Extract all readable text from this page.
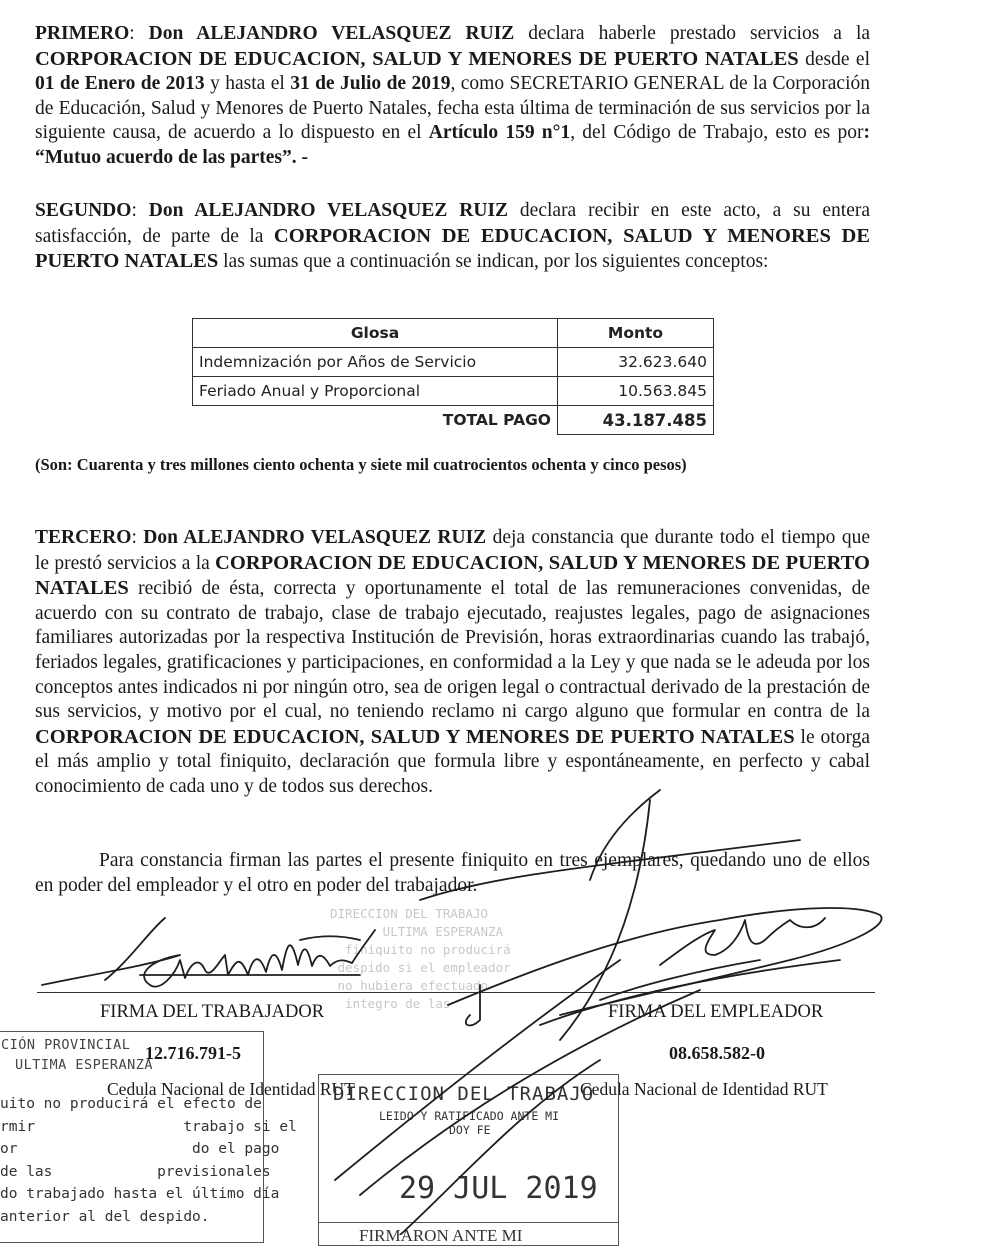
PRIMERO: Don ALEJANDRO VELASQUEZ RUIZ declara haberle prestado servicios a la CORPORACION DE EDUCACION, SALUD Y MENORES DE PUERTO NATALES desde el 01 de Enero de 2013 y hasta el 31 de Julio de 2019, como SECRETARIO GENERAL de la Corporación de Educación, Salud y Menores de Puerto Natales, fecha esta última de terminación de sus servicios por la siguiente causa, de acuerdo a lo dispuesto en el Artículo 159 n°1, del Código de Trabajo, esto es por: “Mutuo acuerdo de las partes”. -

SEGUNDO: Don ALEJANDRO VELASQUEZ RUIZ declara recibir en este acto, a su entera satisfacción, de parte de la CORPORACION DE EDUCACION, SALUD Y MENORES DE PUERTO NATALES las sumas que a continuación se indican, por los siguientes conceptos:

Glosa	Monto
Indemnización por Años de Servicio	32.623.640
Feriado Anual y Proporcional	10.563.845
TOTAL PAGO	43.187.485
(Son: Cuarenta y tres millones ciento ochenta y siete mil cuatrocientos ochenta y cinco pesos)

TERCERO: Don ALEJANDRO VELASQUEZ RUIZ deja constancia que durante todo el tiempo que le prestó servicios a la CORPORACION DE EDUCACION, SALUD Y MENORES DE PUERTO NATALES recibió de ésta, correcta y oportunamente el total de las remuneraciones convenidas, de acuerdo con su contrato de trabajo, clase de trabajo ejecutado, reajustes legales, pago de asignaciones familiares autorizadas por la respectiva Institución de Previsión, horas extraordinarias cuando las trabajó, feriados legales, gratificaciones y participaciones, en conformidad a la Ley y que nada se le adeuda por los conceptos antes indicados ni por ningún otro, sea de origen legal o contractual derivado de la prestación de sus servicios, y motivo por el cual, no teniendo reclamo ni cargo alguno que formular en contra de la CORPORACION DE EDUCACION, SALUD Y MENORES DE PUERTO NATALES le otorga el más amplio y total finiquito, declaración que formula libre y espontáneamente, en perfecto y cabal conocimiento de cada uno y de todos sus derechos.

Para constancia firman las partes el presente finiquito en tres ejemplares, quedando uno de ellos en poder del empleador y el otro en poder del trabajador.

DIRECCION DEL TRABAJO
ULTIMA ESPERANZA
finiquito no producirá
despido si el empleador
no hubiera efectuado
integro de las
FIRMA DEL TRABAJADOR	FIRMA DEL EMPLEADOR
12.716.791-5	08.658.582-0
Cedula Nacional de Identidad RUT	Cedula Nacional de Identidad RUT
CIÓN PROVINCIAL
ULTIMA ESPERANZA
uito no producirá el efecto de
rmir                 trabajo si el
or                    do el pago
de las            previsionales
do trabajado hasta el último día
anterior al del despido.
DIRECCION DEL TRABAJO
LEIDO Y RATIFICADO ANTE MI
DOY FE
29 JUL 2019
FIRMARON ANTE MI
